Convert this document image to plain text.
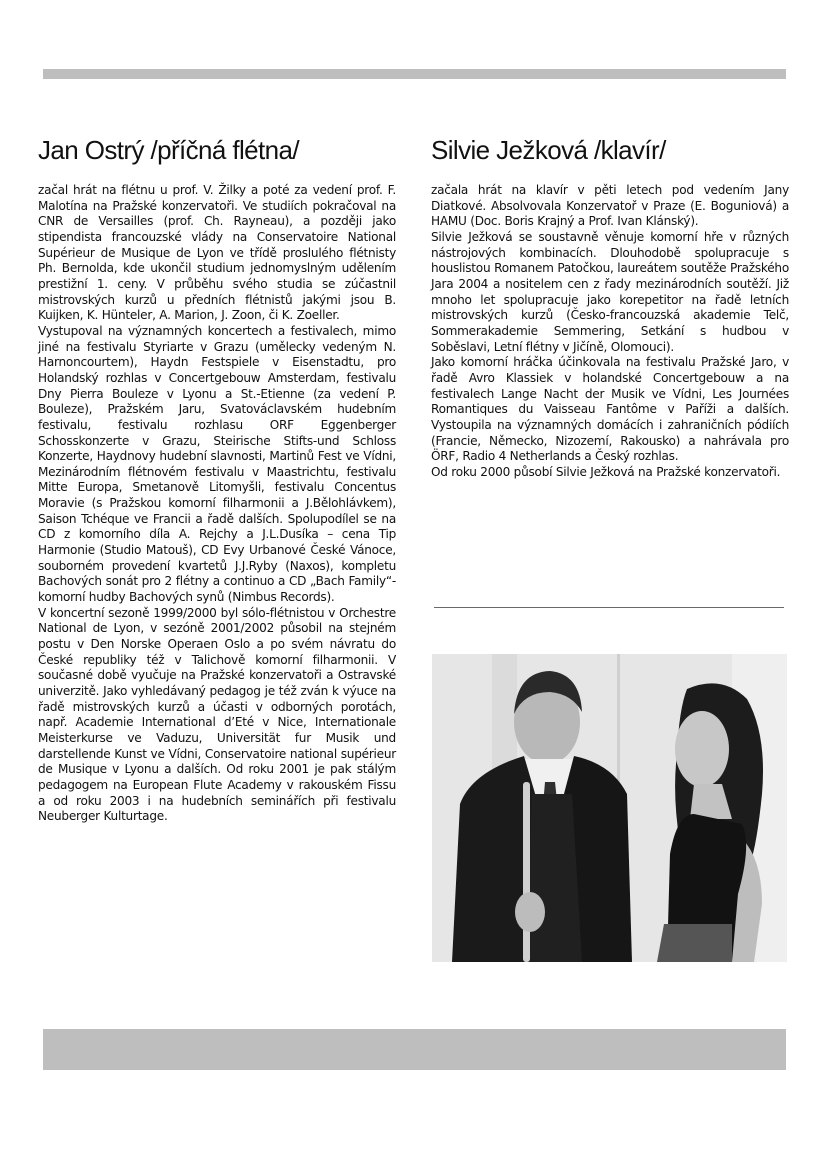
Jan Ostrý /příčná flétna/

začal hrát na flétnu u prof. V. Žilky a poté za vedení prof. F. Malotína na Pražské konzervatoři. Ve studiích pokračoval na CNR de Versailles (prof. Ch. Rayneau), a později jako stipendista francouzské vlády na Conservatoire National Supérieur de Musique de Lyon ve třídě proslulého flétnisty Ph. Bernolda, kde ukončil studium jednomyslným udělením prestižní 1. ceny. V průběhu svého studia se zúčastnil mistrovských kurzů u předních flétnistů jakými jsou B. Kuijken, K. Hünteler, A. Marion, J. Zoon, či K. Zoeller.

Vystupoval na významných koncertech a festivalech, mimo jiné na festivalu Styriarte v Grazu (umělecky vedeným N. Harnoncourtem), Haydn Festspiele v Eisenstadtu, pro Holandský rozhlas v Concertgebouw Amsterdam, festivalu Dny Pierra Bouleze v Lyonu a St.-Etienne (za vedení P. Bouleze), Pražském Jaru, Svatováclavském hudebním festivalu, festivalu rozhlasu ORF Eggenberger Schosskonzerte v Grazu, Steirische Stifts-und Schloss Konzerte, Haydnovy hudební slavnosti, Martinů Fest ve Vídni, Mezinárodním flétnovém festivalu v Maastrichtu, festivalu Mitte Europa, Smetanově Litomyšli, festivalu Concentus Moravie (s Pražskou komorní filharmonii a J.Bělohlávkem), Saison Tchéque ve Francii a řadě dalších. Spolupodílel se na CD z komorního díla A. Rejchy a J.L.Dusíka – cena Tip Harmonie (Studio Matouš), CD Evy Urbanové České Vánoce, souborném provedení kvartetů J.J.Ryby (Naxos), kompletu Bachových sonát pro 2 flétny a continuo a CD „Bach Family“- komorní hudby Bachových synů (Nimbus Records).

V koncertní sezoně 1999/2000 byl sólo-flétnistou v Orchestre National de Lyon, v sezóně 2001/2002 působil na stejném postu v Den Norske Operaen Oslo a po svém návratu do České republiky též v Talichově komorní filharmonii. V současné době vyučuje na Pražské konzervatoři a Ostravské univerzitě. Jako vyhledávaný pedagog je též zván k výuce na řadě mistrovských kurzů a účasti v odborných porotách, např. Academie International d’Eté v Nice, Internationale Meisterkurse ve Vaduzu, Universität fur Musik und darstellende Kunst ve Vídni, Conservatoire national supérieur de Musique v Lyonu a dalších. Od roku 2001 je pak stálým pedagogem na European Flute Academy v rakouském Fissu a od roku 2003 i na hudebních seminářích při festivalu Neuberger Kulturtage.

Silvie Ježková /klavír/

začala hrát na klavír v pěti letech pod vedením Jany Diatkové. Absolvovala Konzervatoř v Praze (E. Boguniová) a HAMU (Doc. Boris Krajný a Prof. Ivan Klánský).

Silvie Ježková se soustavně věnuje komorní hře v různých nástrojových kombinacích. Dlouhodobě spolupracuje s houslistou Romanem Patočkou, laureátem soutěže Pražského Jara 2004 a nositelem cen z řady mezinárodních soutěží. Již mnoho let spolupracuje jako korepetitor na řadě letních mistrovských kurzů (Česko-francouzská akademie Telč, Sommerakademie Semmering, Setkání s hudbou v Soběslavi, Letní flétny v Jičíně, Olomouci).

Jako komorní hráčka účinkovala na festivalu Pražské Jaro, v řadě Avro Klassiek v holandské Concertgebouw a na festivalech Lange Nacht der Musik ve Vídni, Les Journées Romantiques du Vaisseau Fantôme v Paříži a dalších. Vystoupila na významných domácích i zahraničních pódiích (Francie, Německo, Nizozemí, Rakousko) a nahrávala pro ÖRF, Radio 4 Netherlands a Český rozhlas.

Od roku 2000 působí Silvie Ježková na Pražské konzervatoři.
